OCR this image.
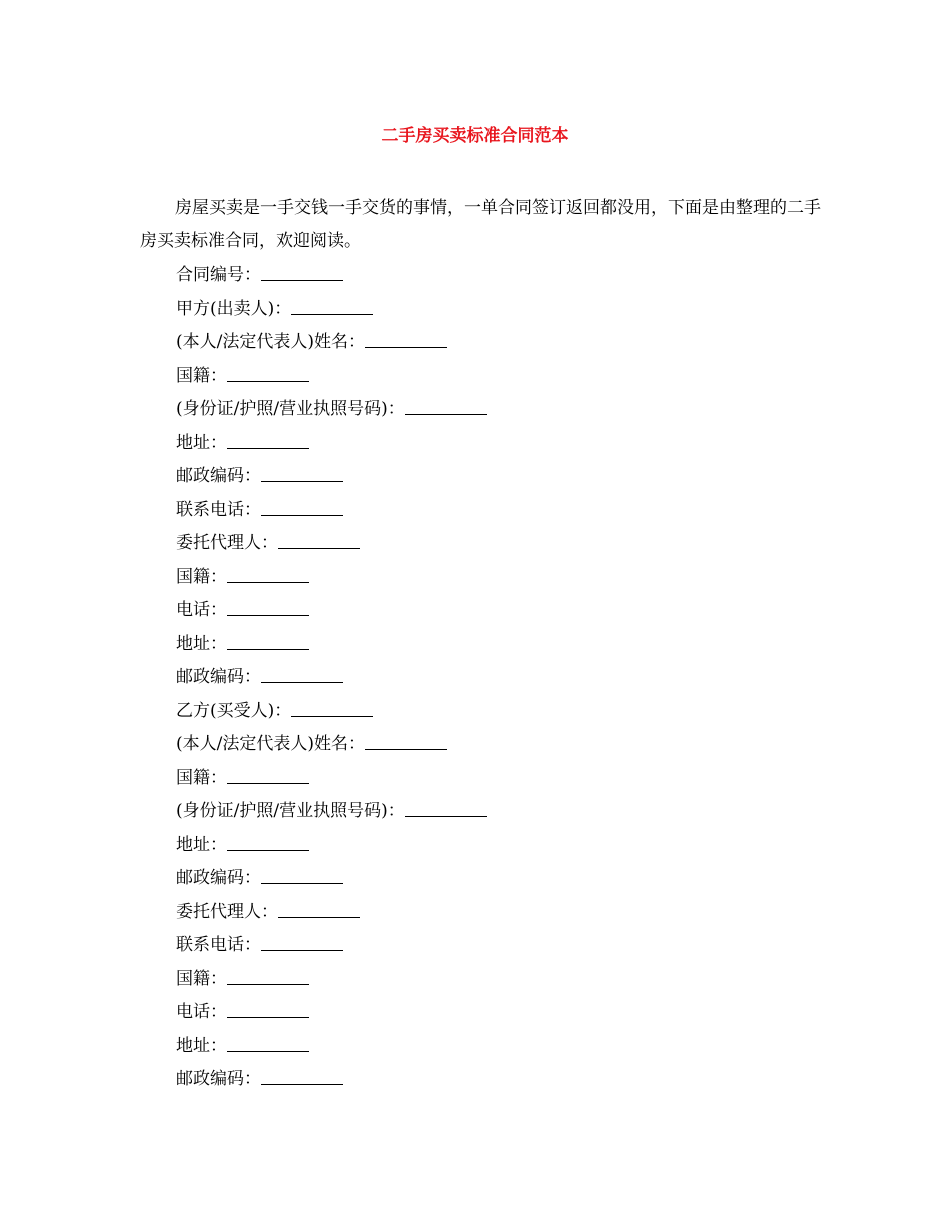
二手房买卖标准合同范本

房屋买卖是一手交钱一手交货的事情，一单合同签订返回都没用，下面是由整理的二手房买卖标准合同，欢迎阅读。

合同编号：
甲方(出卖人)：
(本人/法定代表人)姓名：
国籍：
(身份证/护照/营业执照号码)：
地址：
邮政编码：
联系电话：
委托代理人：
国籍：
电话：
地址：
邮政编码：
乙方(买受人)：
(本人/法定代表人)姓名：
国籍：
(身份证/护照/营业执照号码)：
地址：
邮政编码：
委托代理人：
联系电话：
国籍：
电话：
地址：
邮政编码：
